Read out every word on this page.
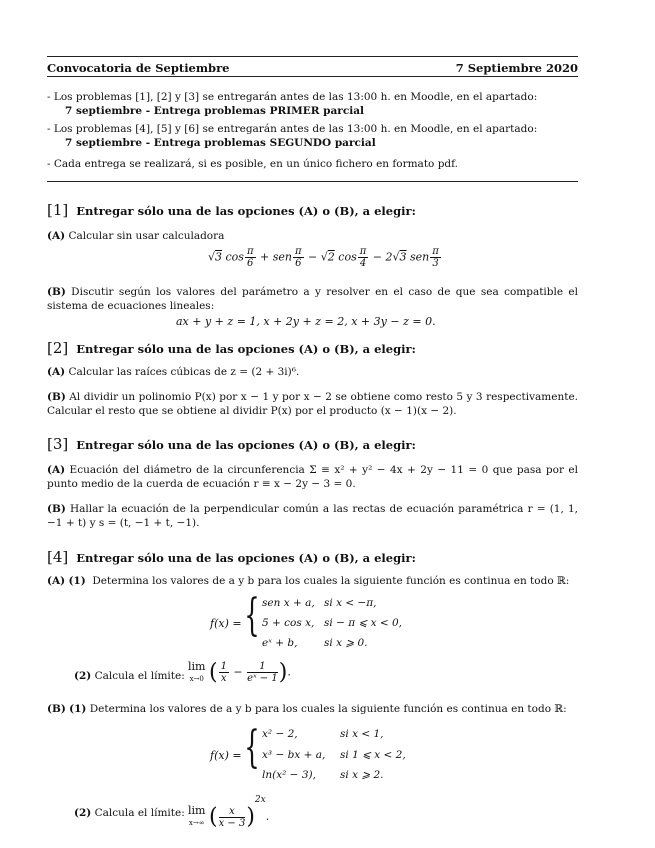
Convocatoria de Septiembre	7 Septiembre 2020
- Los problemas [1], [2] y [3] se entregarán antes de las 13:00 h. en Moodle, en el apartado:
7 septiembre - Entrega problemas PRIMER parcial
- Los problemas [4], [5] y [6] se entregarán antes de las 13:00 h. en Moodle, en el apartado:
7 septiembre - Entrega problemas SEGUNDO parcial
- Cada entrega se realizará, si es posible, en un único fichero en formato pdf.
[1] Entregar sólo una de las opciones (A) o (B), a elegir:
(A) Calcular sin usar calculadora
√3 $\cos \frac{\pi}{6}$ + sen $\frac{\pi}{6} - √2$ $\cos \frac{\pi}{4} - 2√3$ sen $\frac{\pi}{3}$
(B) Discutir según los valores del parámetro a y resolver en el caso de que sea compatible el sistema de ecuaciones lineales:
ax + y + z = 1, x + 2y + z = 2, x + 3y − z = 0.
[2] Entregar sólo una de las opciones (A) o (B), a elegir:
(A) Calcular las raíces cúbicas de z = (2 + 3i)⁶.
(B) Al dividir un polinomio P(x) por x − 1 y por x − 2 se obtiene como resto 5 y 3 respectivamente. Calcular el resto que se obtiene al dividir P(x) por el producto (x − 1)(x − 2).
[3] Entregar sólo una de las opciones (A) o (B), a elegir:
(A) Ecuación del diámetro de la circunferencia Σ ≡ x² + y² − 4x + 2y − 11 = 0 que pasa por el punto medio de la cuerda de ecuación r ≡ x − 2y − 3 = 0.
(B) Hallar la ecuación de la perpendicular común a las rectas de ecuación paramétrica r = (1, 1, −1 + t) y s = (t, −1 + t, −1).
[4] Entregar sólo una de las opciones (A) o (B), a elegir:
(A) (1) Determina los valores de a y b para los cuales la siguiente función es continua en todo ℝ:
f(x) = { sen x + a, si x < −π,
5 + cos x, si − π ⩽ x < 0,
eˣ + b,	si x ⩾ 0.
(2) Calcula el límite:
lim
x→0 ( $\frac{1}{x} - \frac{1}{\text{eˣ − 1}}$ ).
(B) (1) Determina los valores de a y b para los cuales la siguiente función es continua en todo ℝ:
f(x) = { x² − 2,	si x < 1,
x³ − bx + a, si 1 ⩽ x < 2,
ln(x² − 3), si x ⩾ 2.
(2) Calcula el límite: lim
x→∞ ( $\frac{x}{x - 3} )^{2x}$.
